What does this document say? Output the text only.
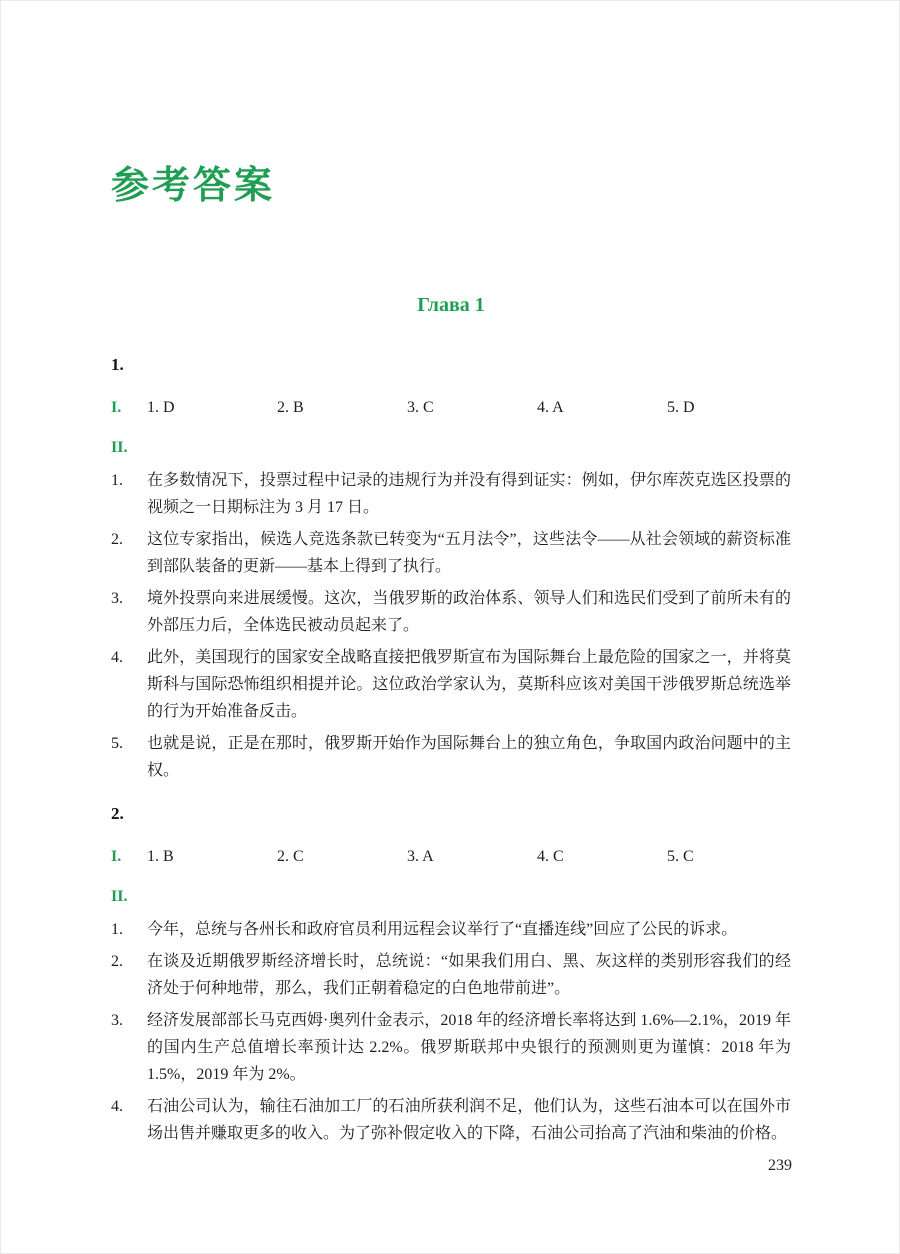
参考答案
Глава 1
1.
I.	1. D	2. B	3. C	4. A	5. D
II.
1.	在多数情况下，投票过程中记录的违规行为并没有得到证实：例如，伊尔库茨克选区投票的视频之一日期标注为 3 月 17 日。
2.	这位专家指出，候选人竞选条款已转变为“五月法令”，这些法令——从社会领域的薪资标准到部队装备的更新——基本上得到了执行。
3.	境外投票向来进展缓慢。这次，当俄罗斯的政治体系、领导人们和选民们受到了前所未有的外部压力后，全体选民被动员起来了。
4.	此外，美国现行的国家安全战略直接把俄罗斯宣布为国际舞台上最危险的国家之一，并将莫斯科与国际恐怖组织相提并论。这位政治学家认为，莫斯科应该对美国干涉俄罗斯总统选举的行为开始准备反击。
5.	也就是说，正是在那时，俄罗斯开始作为国际舞台上的独立角色，争取国内政治问题中的主权。
2.
I.	1. B	2. C	3. A	4. C	5. C
II.
1.	今年，总统与各州长和政府官员利用远程会议举行了“直播连线”回应了公民的诉求。
2.	在谈及近期俄罗斯经济增长时，总统说：“如果我们用白、黑、灰这样的类别形容我们的经济处于何种地带，那么，我们正朝着稳定的白色地带前进”。
3.	经济发展部部长马克西姆·奥列什金表示，2018 年的经济增长率将达到 1.6%—2.1%，2019 年的国内生产总值增长率预计达 2.2%。俄罗斯联邦中央银行的预测则更为谨慎：2018 年为 1.5%，2019 年为 2%。
4.	石油公司认为，输往石油加工厂的石油所获利润不足，他们认为，这些石油本可以在国外市场出售并赚取更多的收入。为了弥补假定收入的下降，石油公司抬高了汽油和柴油的价格。
239
